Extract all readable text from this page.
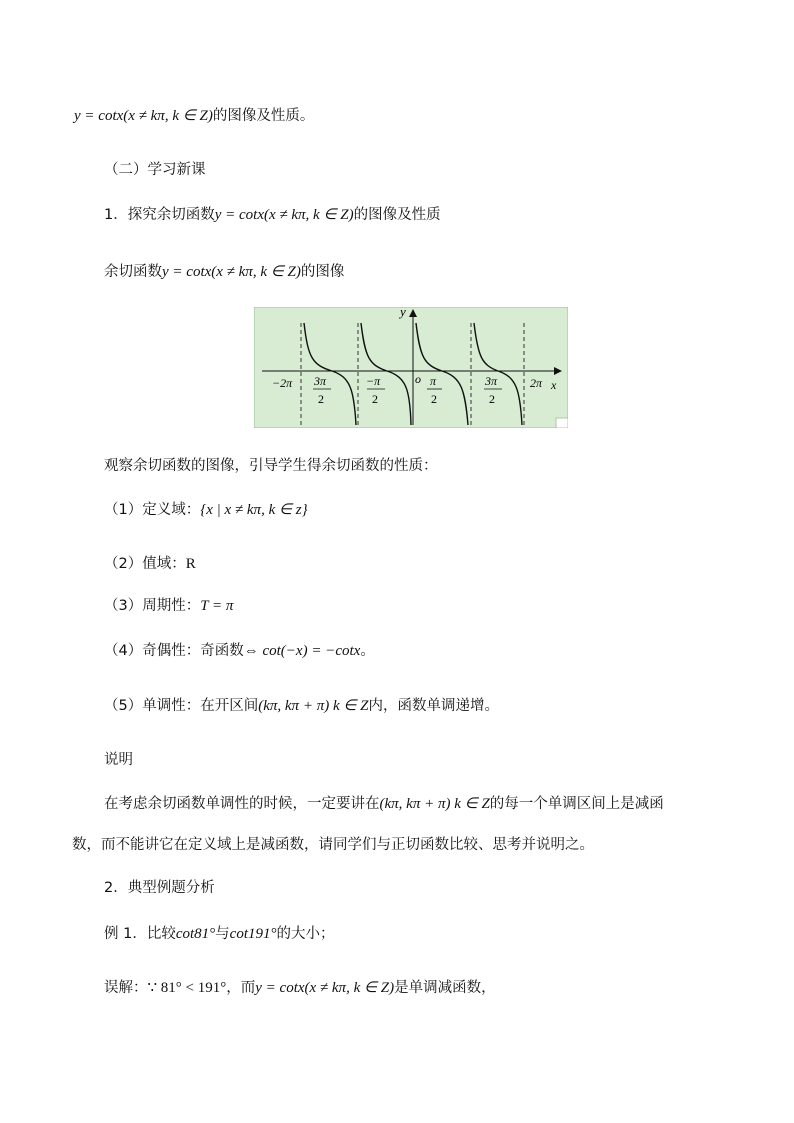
y = cotx(x ≠ kπ, k ∈ Z)的图像及性质。
（二）学习新课
1．探究余切函数y = cotx(x ≠ kπ, k ∈ Z)的图像及性质
余切函数y = cotx(x ≠ kπ, k ∈ Z)的图像
y
x
o
−2π 3π
2
−π
2
π
2
3π
2
2π
观察余切函数的图像，引导学生得余切函数的性质：
（1）定义域：{x | x ≠ kπ, k ∈ z}
（2）值域：R
（3）周期性：T = π
（4）奇偶性：奇函数⇔ cot(−x) = −cotx。
（5）单调性：在开区间(kπ, kπ + π) k ∈ Z内，函数单调递增。
说明
在考虑余切函数单调性的时候，一定要讲在(kπ, kπ + π) k ∈ Z的每一个单调区间上是减函
数，而不能讲它在定义域上是减函数，请同学们与正切函数比较、思考并说明之。
2．典型例题分析
例 1．比较cot81°与cot191°的大小；
误解：∵ 81° < 191°，而y = cotx(x ≠ kπ, k ∈ Z)是单调减函数，
